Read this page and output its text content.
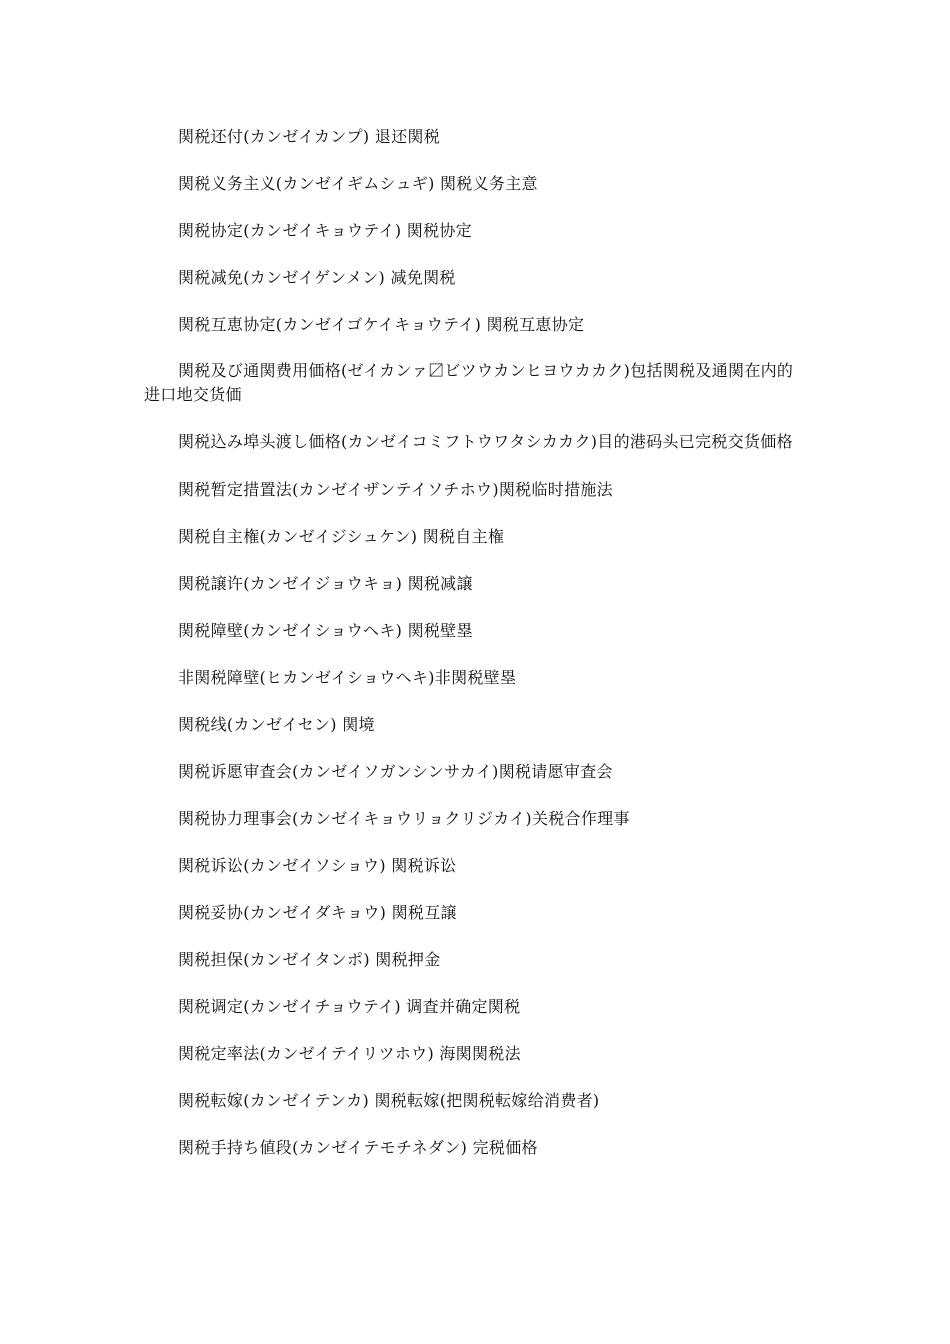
関税还付(カンゼイカンプ) 退还関税
関税义务主义(カンゼイギムシュギ) 関税义务主意
関税协定(カンゼイキョウテイ) 関税协定
関税减免(カンゼイゲンメン) 减免関税
関税互恵协定(カンゼイゴケイキョウテイ) 関税互恵协定
関税及び通関费用価格(ゼイカンァ〼ビツウカンヒヨウカカク)包括関税及通関在内的进口地交货価
関税込み埠头渡し価格(カンゼイコミフトウワタシカカク)目的港码头已完税交货価格
関税暂定措置法(カンゼイザンテイソチホウ)関税临时措施法
関税自主権(カンゼイジシュケン) 関税自主権
関税譲许(カンゼイジョウキョ) 関税减譲
関税障壁(カンゼイショウヘキ) 関税壁塁
非関税障壁(ヒカンゼイショウヘキ)非関税壁塁
関税线(カンゼイセン) 関境
関税诉愿审査会(カンゼイソガンシンサカイ)関税请愿审査会
関税协力理事会(カンゼイキョウリョクリジカイ)关税合作理事
関税诉讼(カンゼイソショウ) 関税诉讼
関税妥协(カンゼイダキョウ) 関税互譲
関税担保(カンゼイタンポ) 関税押金
関税调定(カンゼイチョウテイ) 调査并确定関税
関税定率法(カンゼイテイリツホウ) 海関関税法
関税転嫁(カンゼイテンカ) 関税転嫁(把関税転嫁给消费者)
関税手持ち値段(カンゼイテモチネダン) 完税価格
